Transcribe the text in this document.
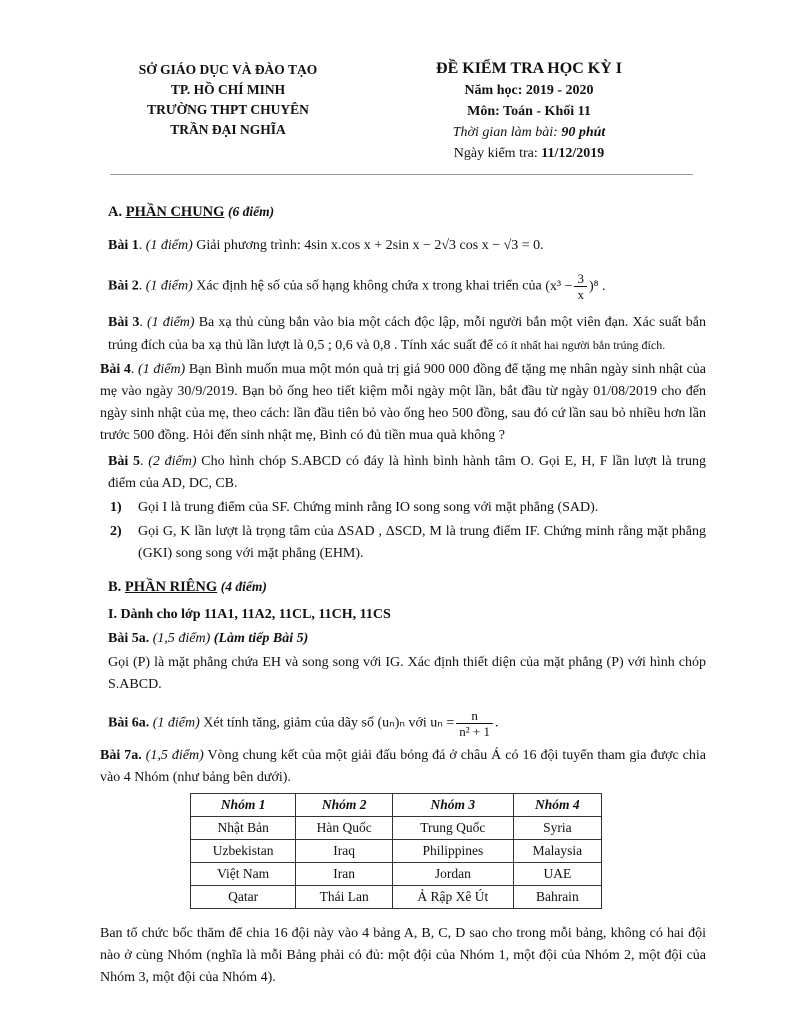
SỞ GIÁO DỤC VÀ ĐÀO TẠO
TP. HỒ CHÍ MINH
TRƯỜNG THPT CHUYÊN
TRẦN ĐẠI NGHĨA
ĐỀ KIỂM TRA HỌC KỲ I
Năm học: 2019 - 2020
Môn: Toán - Khối 11
Thời gian làm bài: 90 phút
Ngày kiểm tra: 11/12/2019

A. PHẦN CHUNG (6 điểm)

Bài 1. (1 điểm) Giải phương trình: 4sin x.cos x + 2sin x − 2√3 cos x − √3 = 0.

Bài 2. (1 điểm) Xác định hệ số của số hạng không chứa x trong khai triển của $(x^3 - \frac{3}{x} )^8$ .

Bài 3. (1 điểm) Ba xạ thủ cùng bắn vào bia một cách độc lập, mỗi người bắn một viên đạn. Xác suất bắn trúng đích của ba xạ thủ lần lượt là 0,5 ; 0,6 và 0,8 . Tính xác suất để có ít nhất hai người bắn trúng đích.

Bài 4. (1 điểm) Bạn Bình muốn mua một món quà trị giá 900 000 đồng để tặng mẹ nhân ngày sinh nhật của mẹ vào ngày 30/9/2019. Bạn bỏ ống heo tiết kiệm mỗi ngày một lần, bắt đầu từ ngày 01/08/2019 cho đến ngày sinh nhật của mẹ, theo cách: lần đầu tiên bỏ vào ống heo 500 đồng, sau đó cứ lần sau bỏ nhiều hơn lần trước 500 đồng. Hỏi đến sinh nhật mẹ, Bình có đủ tiền mua quà không ?

Bài 5. (2 điểm) Cho hình chóp S.ABCD có đáy là hình bình hành tâm O. Gọi E, H, F lần lượt là trung điểm của AD, DC, CB.

1) Gọi I là trung điểm của SF. Chứng minh rằng IO song song với mặt phẳng (SAD).
2) Gọi G, K lần lượt là trọng tâm của ΔSAD , ΔSCD, M là trung điểm IF. Chứng minh rằng mặt phẳng (GKI) song song với mặt phẳng (EHM).

B. PHẦN RIÊNG (4 điểm)

I. Dành cho lớp 11A1, 11A2, 11CL, 11CH, 11CS

Bài 5a. (1,5 điểm) (Làm tiếp Bài 5)

Gọi (P) là mặt phẳng chứa EH và song song với IG. Xác định thiết diện của mặt phẳng (P) với hình chóp S.ABCD.

Bài 6a. (1 điểm) Xét tính tăng, giảm của dãy số (uₙ)ₙ với $u_n = \frac{n}{\text{n² + 1}}$ .

Bài 7a. (1,5 điểm) Vòng chung kết của một giải đấu bóng đá ở châu Á có 16 đội tuyển tham gia được chia vào 4 Nhóm (như bảng bên dưới).

Nhóm 1	Nhóm 2	Nhóm 3	Nhóm 4
Nhật Bản	Hàn Quốc	Trung Quốc	Syria
Uzbekistan	Iraq	Philippines	Malaysia
Việt Nam	Iran	Jordan	UAE
Qatar	Thái Lan	Ả Rập Xê Út	Bahrain

Ban tổ chức bốc thăm để chia 16 đội này vào 4 bảng A, B, C, D sao cho trong mỗi bảng, không có hai đội nào ở cùng Nhóm (nghĩa là mỗi Bảng phải có đủ: một đội của Nhóm 1, một đội của Nhóm 2, một đội của Nhóm 3, một đội của Nhóm 4).
